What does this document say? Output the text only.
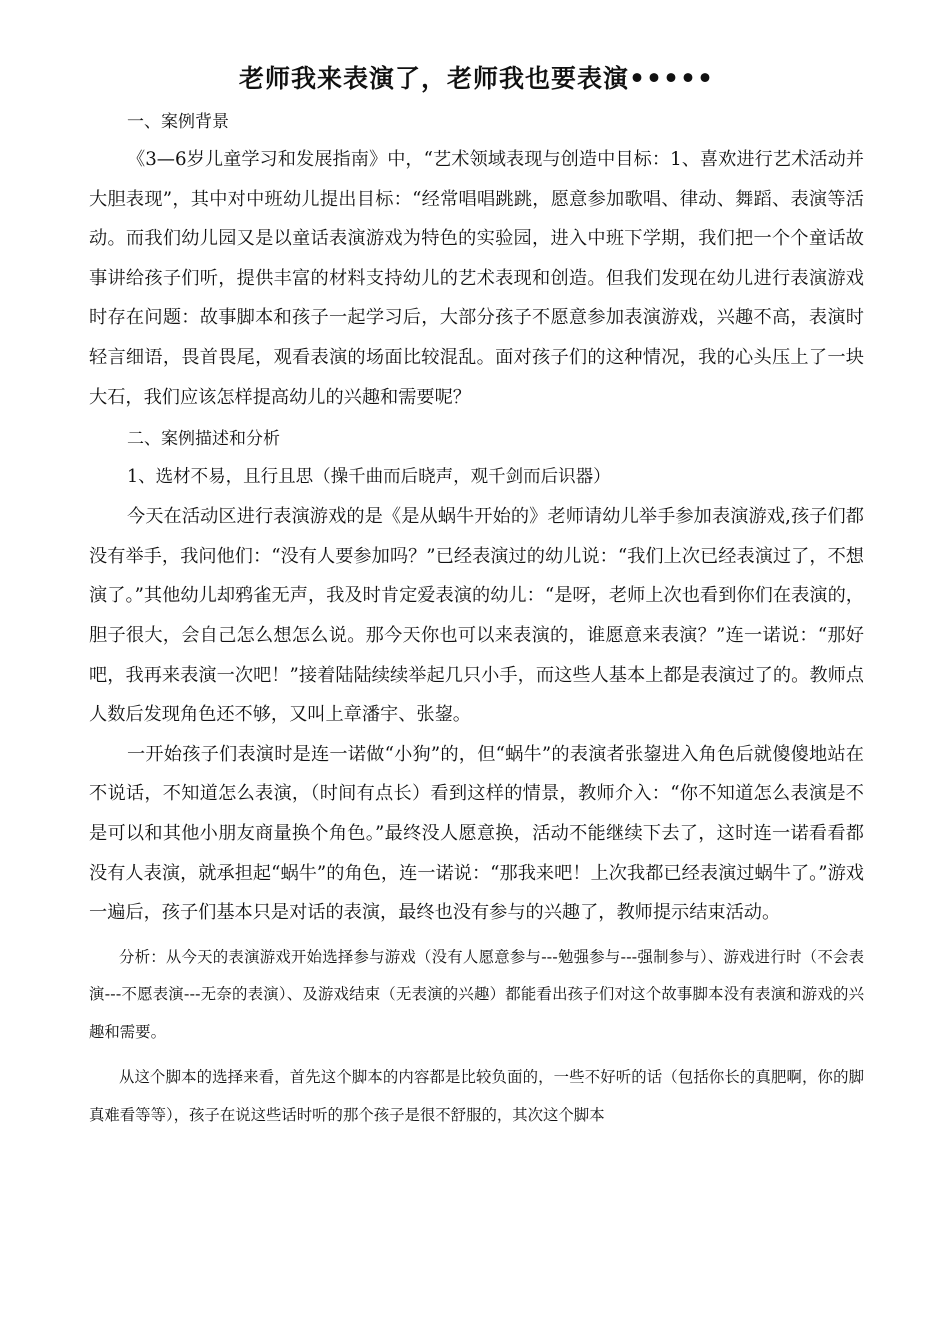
老师我来表演了，老师我也要表演•••••

一、案例背景

《3—6岁儿童学习和发展指南》中，“艺术领域表现与创造中目标：1、喜欢进行艺术活动并大胆表现”，其中对中班幼儿提出目标：“经常唱唱跳跳，愿意参加歌唱、律动、舞蹈、表演等活动。而我们幼儿园又是以童话表演游戏为特色的实验园，进入中班下学期，我们把一个个童话故事讲给孩子们听，提供丰富的材料支持幼儿的艺术表现和创造。但我们发现在幼儿进行表演游戏时存在问题：故事脚本和孩子一起学习后，大部分孩子不愿意参加表演游戏，兴趣不高，表演时轻言细语，畏首畏尾，观看表演的场面比较混乱。面对孩子们的这种情况，我的心头压上了一块大石，我们应该怎样提高幼儿的兴趣和需要呢？

二、案例描述和分析

1、选材不易，且行且思（操千曲而后晓声，观千剑而后识器）

今天在活动区进行表演游戏的是《是从蜗牛开始的》老师请幼儿举手参加表演游戏,孩子们都没有举手，我问他们：“没有人要参加吗？”已经表演过的幼儿说：“我们上次已经表演过了，不想演了。”其他幼儿却鸦雀无声，我及时肯定爱表演的幼儿：“是呀，老师上次也看到你们在表演的，胆子很大，会自己怎么想怎么说。那今天你也可以来表演的，谁愿意来表演？”连一诺说：“那好吧，我再来表演一次吧！”接着陆陆续续举起几只小手，而这些人基本上都是表演过了的。教师点人数后发现角色还不够，又叫上章潘宇、张鋆。

一开始孩子们表演时是连一诺做“小狗”的，但“蜗牛”的表演者张鋆进入角色后就傻傻地站在不说话，不知道怎么表演，（时间有点长）看到这样的情景，教师介入：“你不知道怎么表演是不是可以和其他小朋友商量换个角色。”最终没人愿意换，活动不能继续下去了，这时连一诺看看都没有人表演，就承担起“蜗牛”的角色，连一诺说：“那我来吧！上次我都已经表演过蜗牛了。”游戏一遍后，孩子们基本只是对话的表演，最终也没有参与的兴趣了，教师提示结束活动。

分析：从今天的表演游戏开始选择参与游戏（没有人愿意参与---勉强参与---强制参与）、游戏进行时（不会表演---不愿表演---无奈的表演）、及游戏结束（无表演的兴趣）都能看出孩子们对这个故事脚本没有表演和游戏的兴趣和需要。

从这个脚本的选择来看，首先这个脚本的内容都是比较负面的，一些不好听的话（包括你长的真肥啊，你的脚真难看等等），孩子在说这些话时听的那个孩子是很不舒服的，其次这个脚本
